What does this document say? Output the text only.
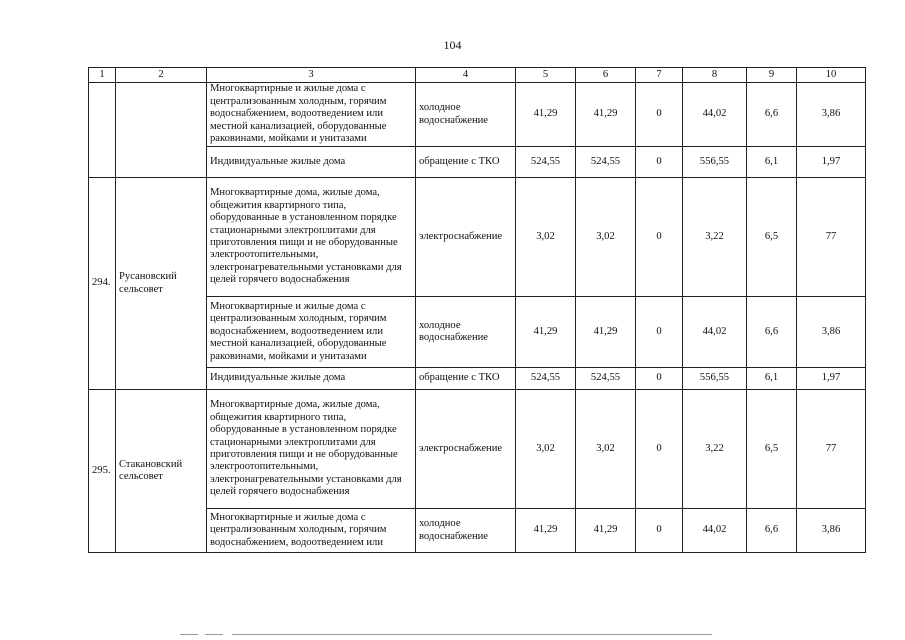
104
1	2	3	4	5	6	7	8	9	10
		Многоквартирные и жилые дома с централизованным холодным, горячим водоснабжением, водоотведением или местной канализацией, оборудованные раковинами, мойками и унитазами	холодное водоснабжение	41,29	41,29	0	44,02	6,6	3,86
		Индивидуальные жилые дома	обращение с ТКО	524,55	524,55	0	556,55	6,1	1,97
294.	Русановский сельсовет	Многоквартирные дома, жилые дома, общежития квартирного типа, оборудованные в установленном порядке стационарными электроплитами для приготовления пищи и не оборудованные электроотопительными, электронагревательными установками для целей горячего водоснабжения	электроснабжение	3,02	3,02	0	3,22	6,5	77
		Многоквартирные и жилые дома с централизованным холодным, горячим водоснабжением, водоотведением или местной канализацией, оборудованные раковинами, мойками и унитазами	холодное водоснабжение	41,29	41,29	0	44,02	6,6	3,86
		Индивидуальные жилые дома	обращение с ТКО	524,55	524,55	0	556,55	6,1	1,97
295.	Стакановский сельсовет	Многоквартирные дома, жилые дома, общежития квартирного типа, оборудованные в установленном порядке стационарными электроплитами для приготовления пищи и не оборудованные электроотопительными, электронагревательными установками для целей горячего водоснабжения	электроснабжение	3,02	3,02	0	3,22	6,5	77
		Многоквартирные и жилые дома с централизованным холодным, горячим водоснабжением, водоотведением или	холодное водоснабжение	41,29	41,29	0	44,02	6,6	3,86
